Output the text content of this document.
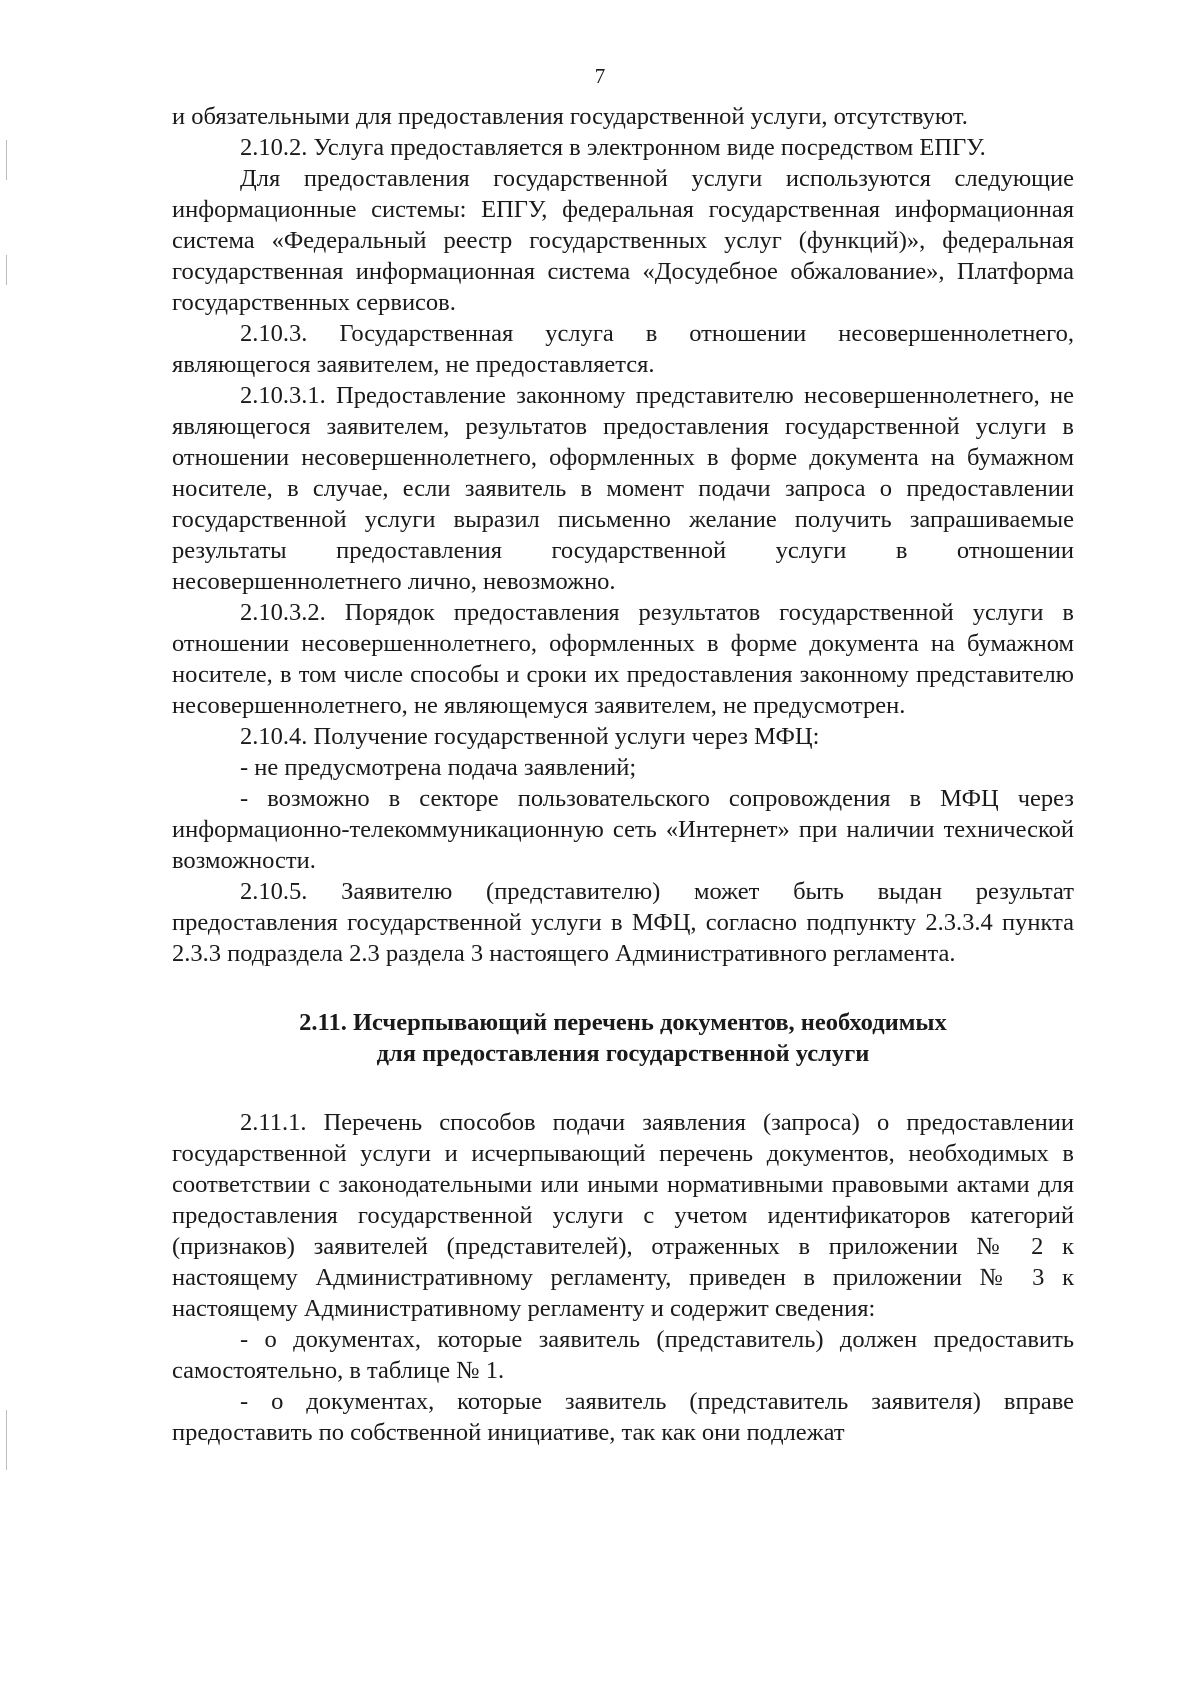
7

и обязательными для предоставления государственной услуги, отсутствуют.

2.10.2. Услуга предоставляется в электронном виде посредством ЕПГУ.

Для предоставления государственной услуги используются следующие информационные системы: ЕПГУ, федеральная государственная информационная система «Федеральный реестр государственных услуг (функций)», федеральная государственная информационная система «Досудебное обжалование», Платформа государственных сервисов.

2.10.3. Государственная услуга в отношении несовершеннолетнего, являющегося заявителем, не предоставляется.

2.10.3.1. Предоставление законному представителю несовершеннолетнего, не являющегося заявителем, результатов предоставления государственной услуги в отношении несовершеннолетнего, оформленных в форме документа на бумажном носителе, в случае, если заявитель в момент подачи запроса о предоставлении государственной услуги выразил письменно желание получить запрашиваемые результаты предоставления государственной услуги в отношении несовершеннолетнего лично, невозможно.

2.10.3.2. Порядок предоставления результатов государственной услуги в отношении несовершеннолетнего, оформленных в форме документа на бумажном носителе, в том числе способы и сроки их предоставления законному представителю несовершеннолетнего, не являющемуся заявителем, не предусмотрен.

2.10.4. Получение государственной услуги через МФЦ:

- не предусмотрена подача заявлений;

- возможно в секторе пользовательского сопровождения в МФЦ через информационно-телекоммуникационную сеть «Интернет» при наличии технической возможности.

2.10.5. Заявителю (представителю) может быть выдан результат предоставления государственной услуги в МФЦ, согласно подпункту 2.3.3.4 пункта 2.3.3 подраздела 2.3 раздела 3 настоящего Административного регламента.

2.11. Исчерпывающий перечень документов, необходимых
для предоставления государственной услуги

2.11.1. Перечень способов подачи заявления (запроса) о предоставлении государственной услуги и исчерпывающий перечень документов, необходимых в соответствии с законодательными или иными нормативными правовыми актами для предоставления государственной услуги с учетом идентификаторов категорий (признаков) заявителей (представителей), отраженных в приложении № 2 к настоящему Административному регламенту, приведен в приложении № 3 к настоящему Административному регламенту и содержит сведения:

- о документах, которые заявитель (представитель) должен предоставить самостоятельно, в таблице № 1.

- о документах, которые заявитель (представитель заявителя) вправе предоставить по собственной инициативе, так как они подлежат
